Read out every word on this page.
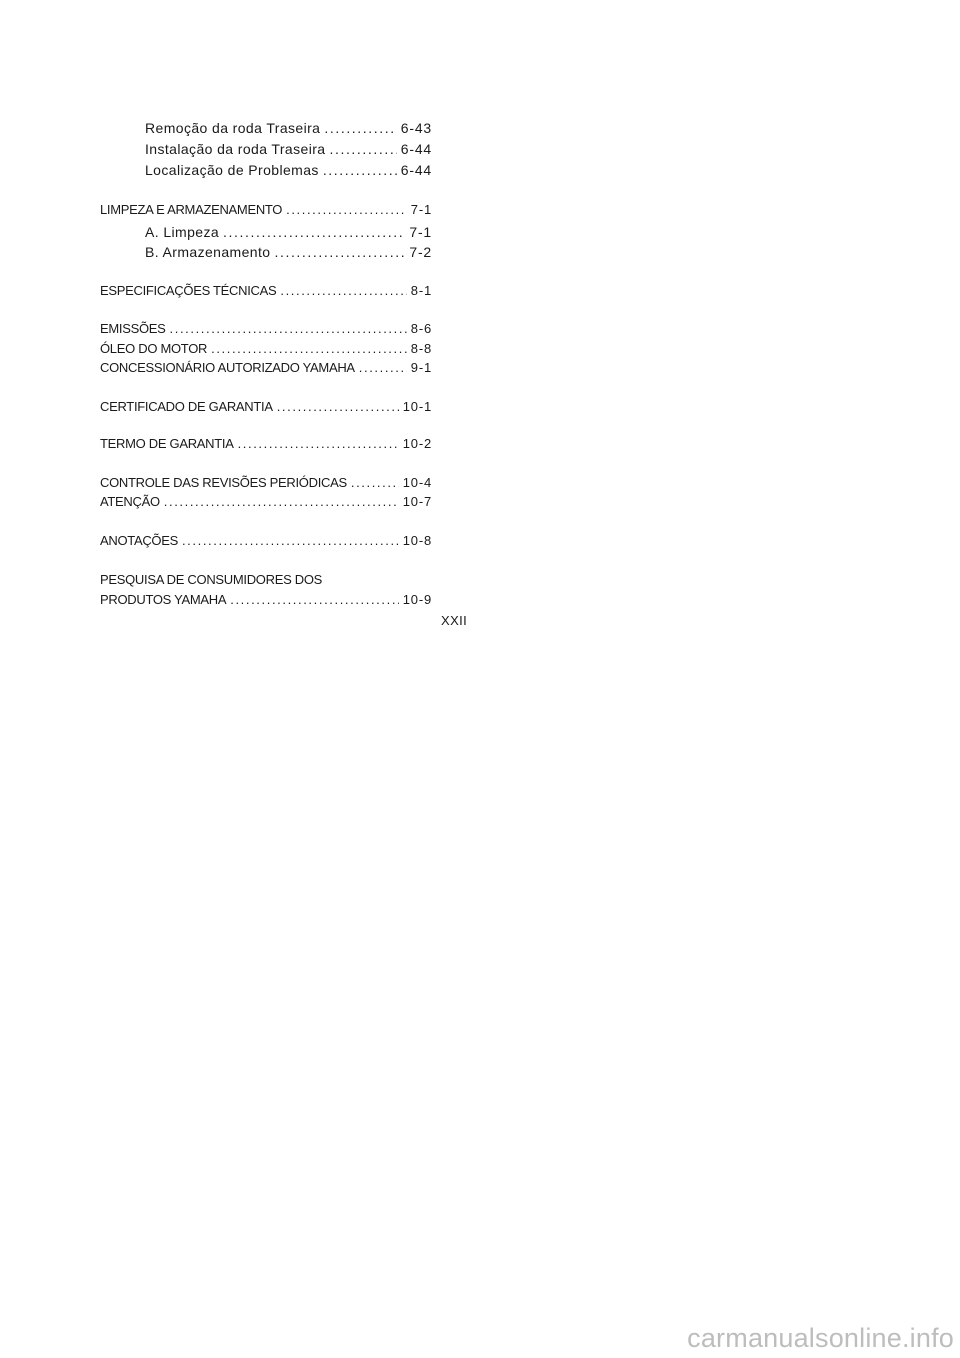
Remoção da roda Traseira .....	6-43
Instalação da roda Traseira .....	6-44
Localização de Problemas .....	6-44
LIMPEZA E ARMAZENAMENTO .....	7-1
A. Limpeza .....	7-1
B. Armazenamento .....	7-2
ESPECIFICAÇÕES TÉCNICAS .....	8-1
EMISSÕES .....	8-6
ÓLEO DO MOTOR .....	8-8
CONCESSIONÁRIO AUTORIZADO YAMAHA .....	9-1
CERTIFICADO DE GARANTIA .....	10-1
TERMO DE GARANTIA .....	10-2
CONTROLE DAS REVISÕES PERIÓDICAS .....	10-4
ATENÇÃO .....	10-7
ANOTAÇÕES .....	10-8
PESQUISA DE CONSUMIDORES DOS
PRODUTOS YAMAHA .....	10-9
XXII
carmanualsonline.info
